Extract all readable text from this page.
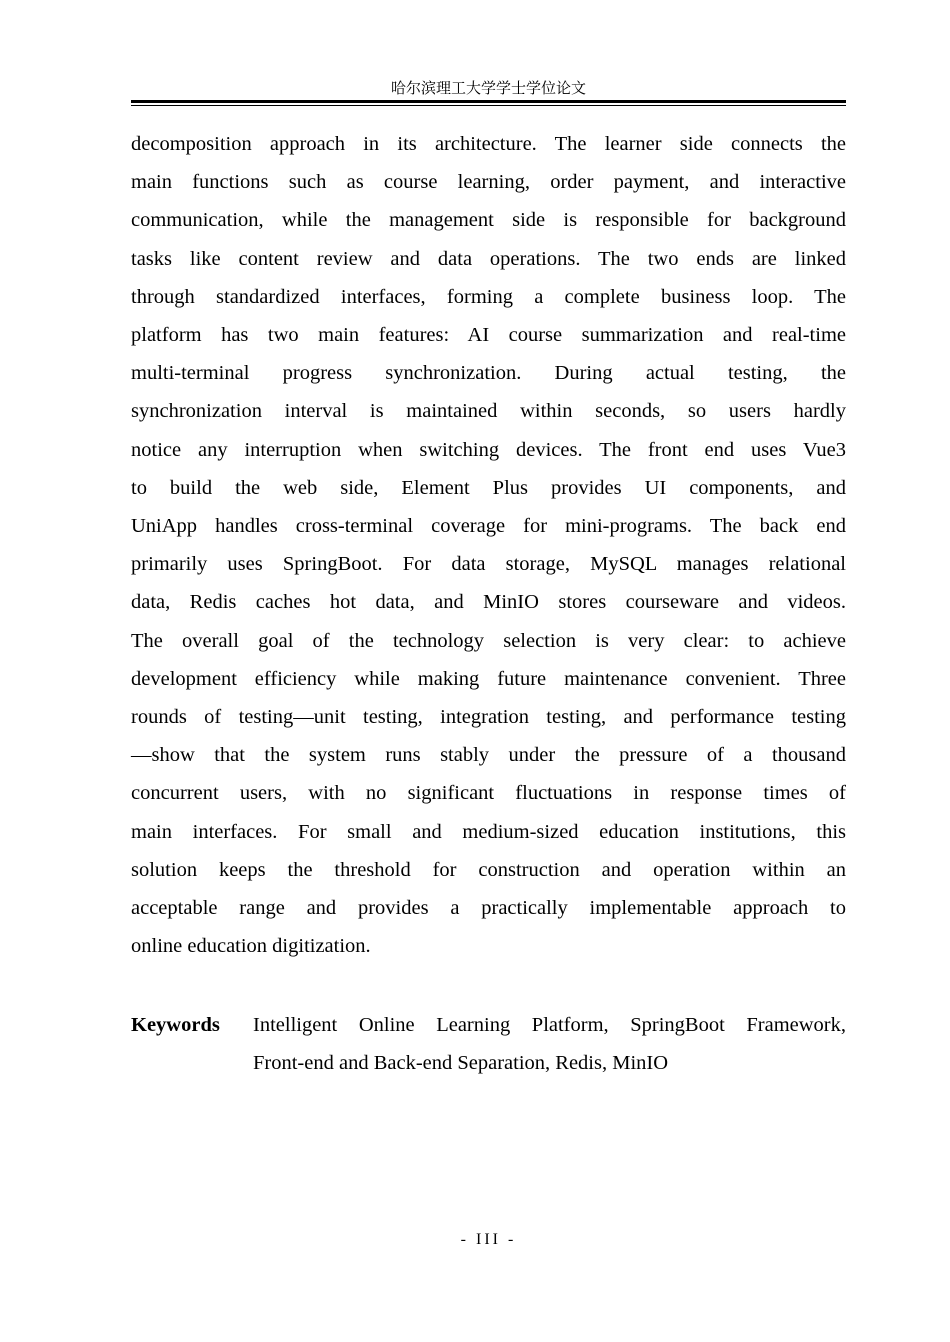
哈尔滨理工大学学士学位论文
decomposition approach in its architecture. The learner side connects the
main functions such as course learning, order payment, and interactive
communication, while the management side is responsible for background
tasks like content review and data operations. The two ends are linked
through standardized interfaces, forming a complete business loop. The
platform has two main features: AI course summarization and real-time
multi-terminal progress synchronization. During actual testing, the
synchronization interval is maintained within seconds, so users hardly
notice any interruption when switching devices. The front end uses Vue3
to build the web side, Element Plus provides UI components, and
UniApp handles cross-terminal coverage for mini-programs. The back end
primarily uses SpringBoot. For data storage, MySQL manages relational
data, Redis caches hot data, and MinIO stores courseware and videos.
The overall goal of the technology selection is very clear: to achieve
development efficiency while making future maintenance convenient. Three
rounds of testing—unit testing, integration testing, and performance testing
—show that the system runs stably under the pressure of a thousand
concurrent users, with no significant fluctuations in response times of
main interfaces. For small and medium-sized education institutions, this
solution keeps the threshold for construction and operation within an
acceptable range and provides a practically implementable approach to
online education digitization.
Keywords Intelligent Online Learning Platform, SpringBoot Framework,
Front-end and Back-end Separation, Redis, MinIO
- III -
